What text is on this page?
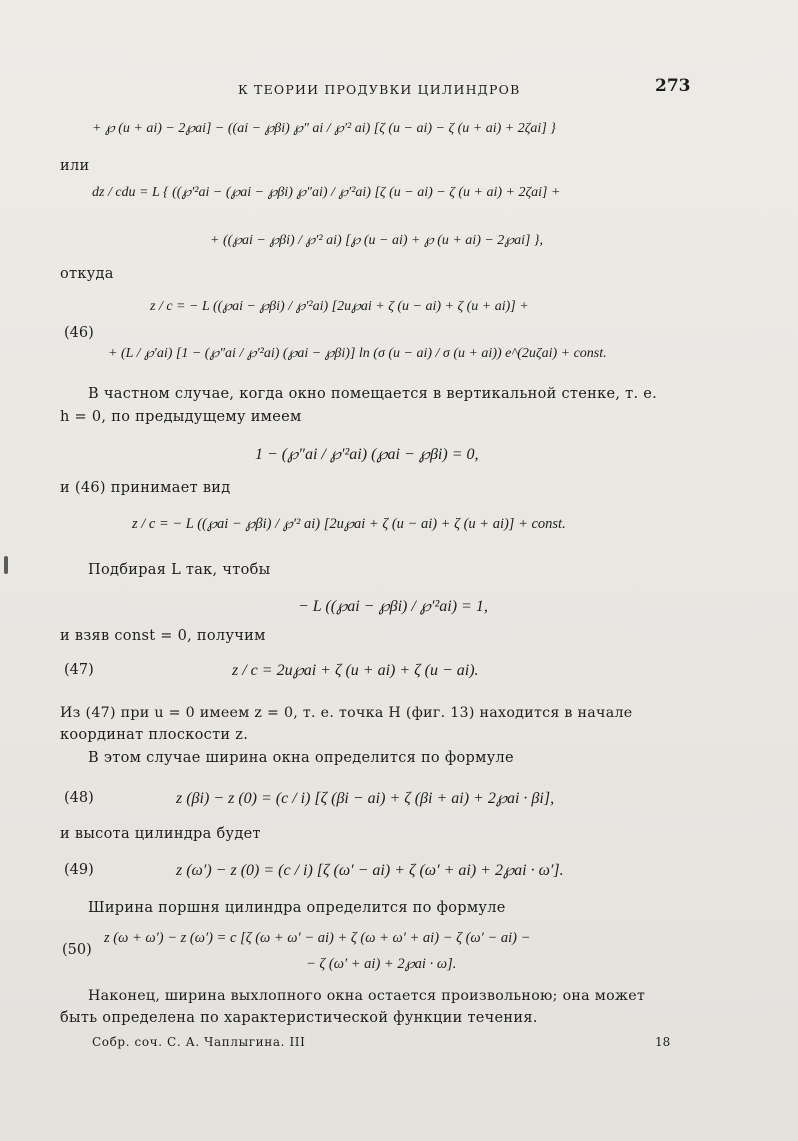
К ТЕОРИИ ПРОДУВКИ ЦИЛИНДРОВ	273
+ ℘ (u + ai) − 2℘ai] − ((ai − ℘βi) ℘″ ai / ℘′² ai) [ζ (u − ai) − ζ (u + ai) + 2ζai] }
или
dz / cdu = L { ((℘′²ai − (℘ai − ℘βi) ℘″ai) / ℘′²ai) [ζ (u − ai) − ζ (u + ai) + 2ζai] +
+ ((℘ai − ℘βi) / ℘′² ai) [℘ (u − ai) + ℘ (u + ai) − 2℘ai] },
откуда
z / c = − L ((℘ai − ℘βi) / ℘′²ai) [2u℘ai + ζ (u − ai) + ζ (u + ai)] +
(46)
+ (L / ℘′ai) [1 − (℘″ai / ℘′²ai) (℘ai − ℘βi)] ln (σ (u − ai) / σ (u + ai)) e^(2uζai) + const.
В частном случае, когда окно помещается в вертикальной стенке, т. е.
h = 0, по предыдущему имеем
1 − (℘″ai / ℘′²ai) (℘ai − ℘βi) = 0,
и (46) принимает вид
z / c = − L ((℘ai − ℘βi) / ℘′² ai) [2u℘ai + ζ (u − ai) + ζ (u + ai)] + const.
Подбирая L так, чтобы
− L ((℘ai − ℘βi) / ℘′²ai) = 1,
и взяв const = 0, получим
(47)	z / c = 2u℘ai + ζ (u + ai) + ζ (u − ai).
Из (47) при u = 0 имеем z = 0, т. е. точка H (фиг. 13) находится в начале
координат плоскости z.
В этом случае ширина окна определится по формуле
(48)	z (βi) − z (0) = (c / i) [ζ (βi − ai) + ζ (βi + ai) + 2℘ai · βi],
и высота цилиндра будет
(49)	z (ω′) − z (0) = (c / i) [ζ (ω′ − ai) + ζ (ω′ + ai) + 2℘ai · ω′].
Ширина поршня цилиндра определится по формуле
z (ω + ω′) − z (ω′) = c [ζ (ω + ω′ − ai) + ζ (ω + ω′ + ai) − ζ (ω′ − ai) −
(50)
− ζ (ω′ + ai) + 2℘ai · ω].
Наконец, ширина выхлопного окна остается произвольною; она может
быть определена по характеристической функции течения.
Собр. соч. С. А. Чаплыгина. III	18
